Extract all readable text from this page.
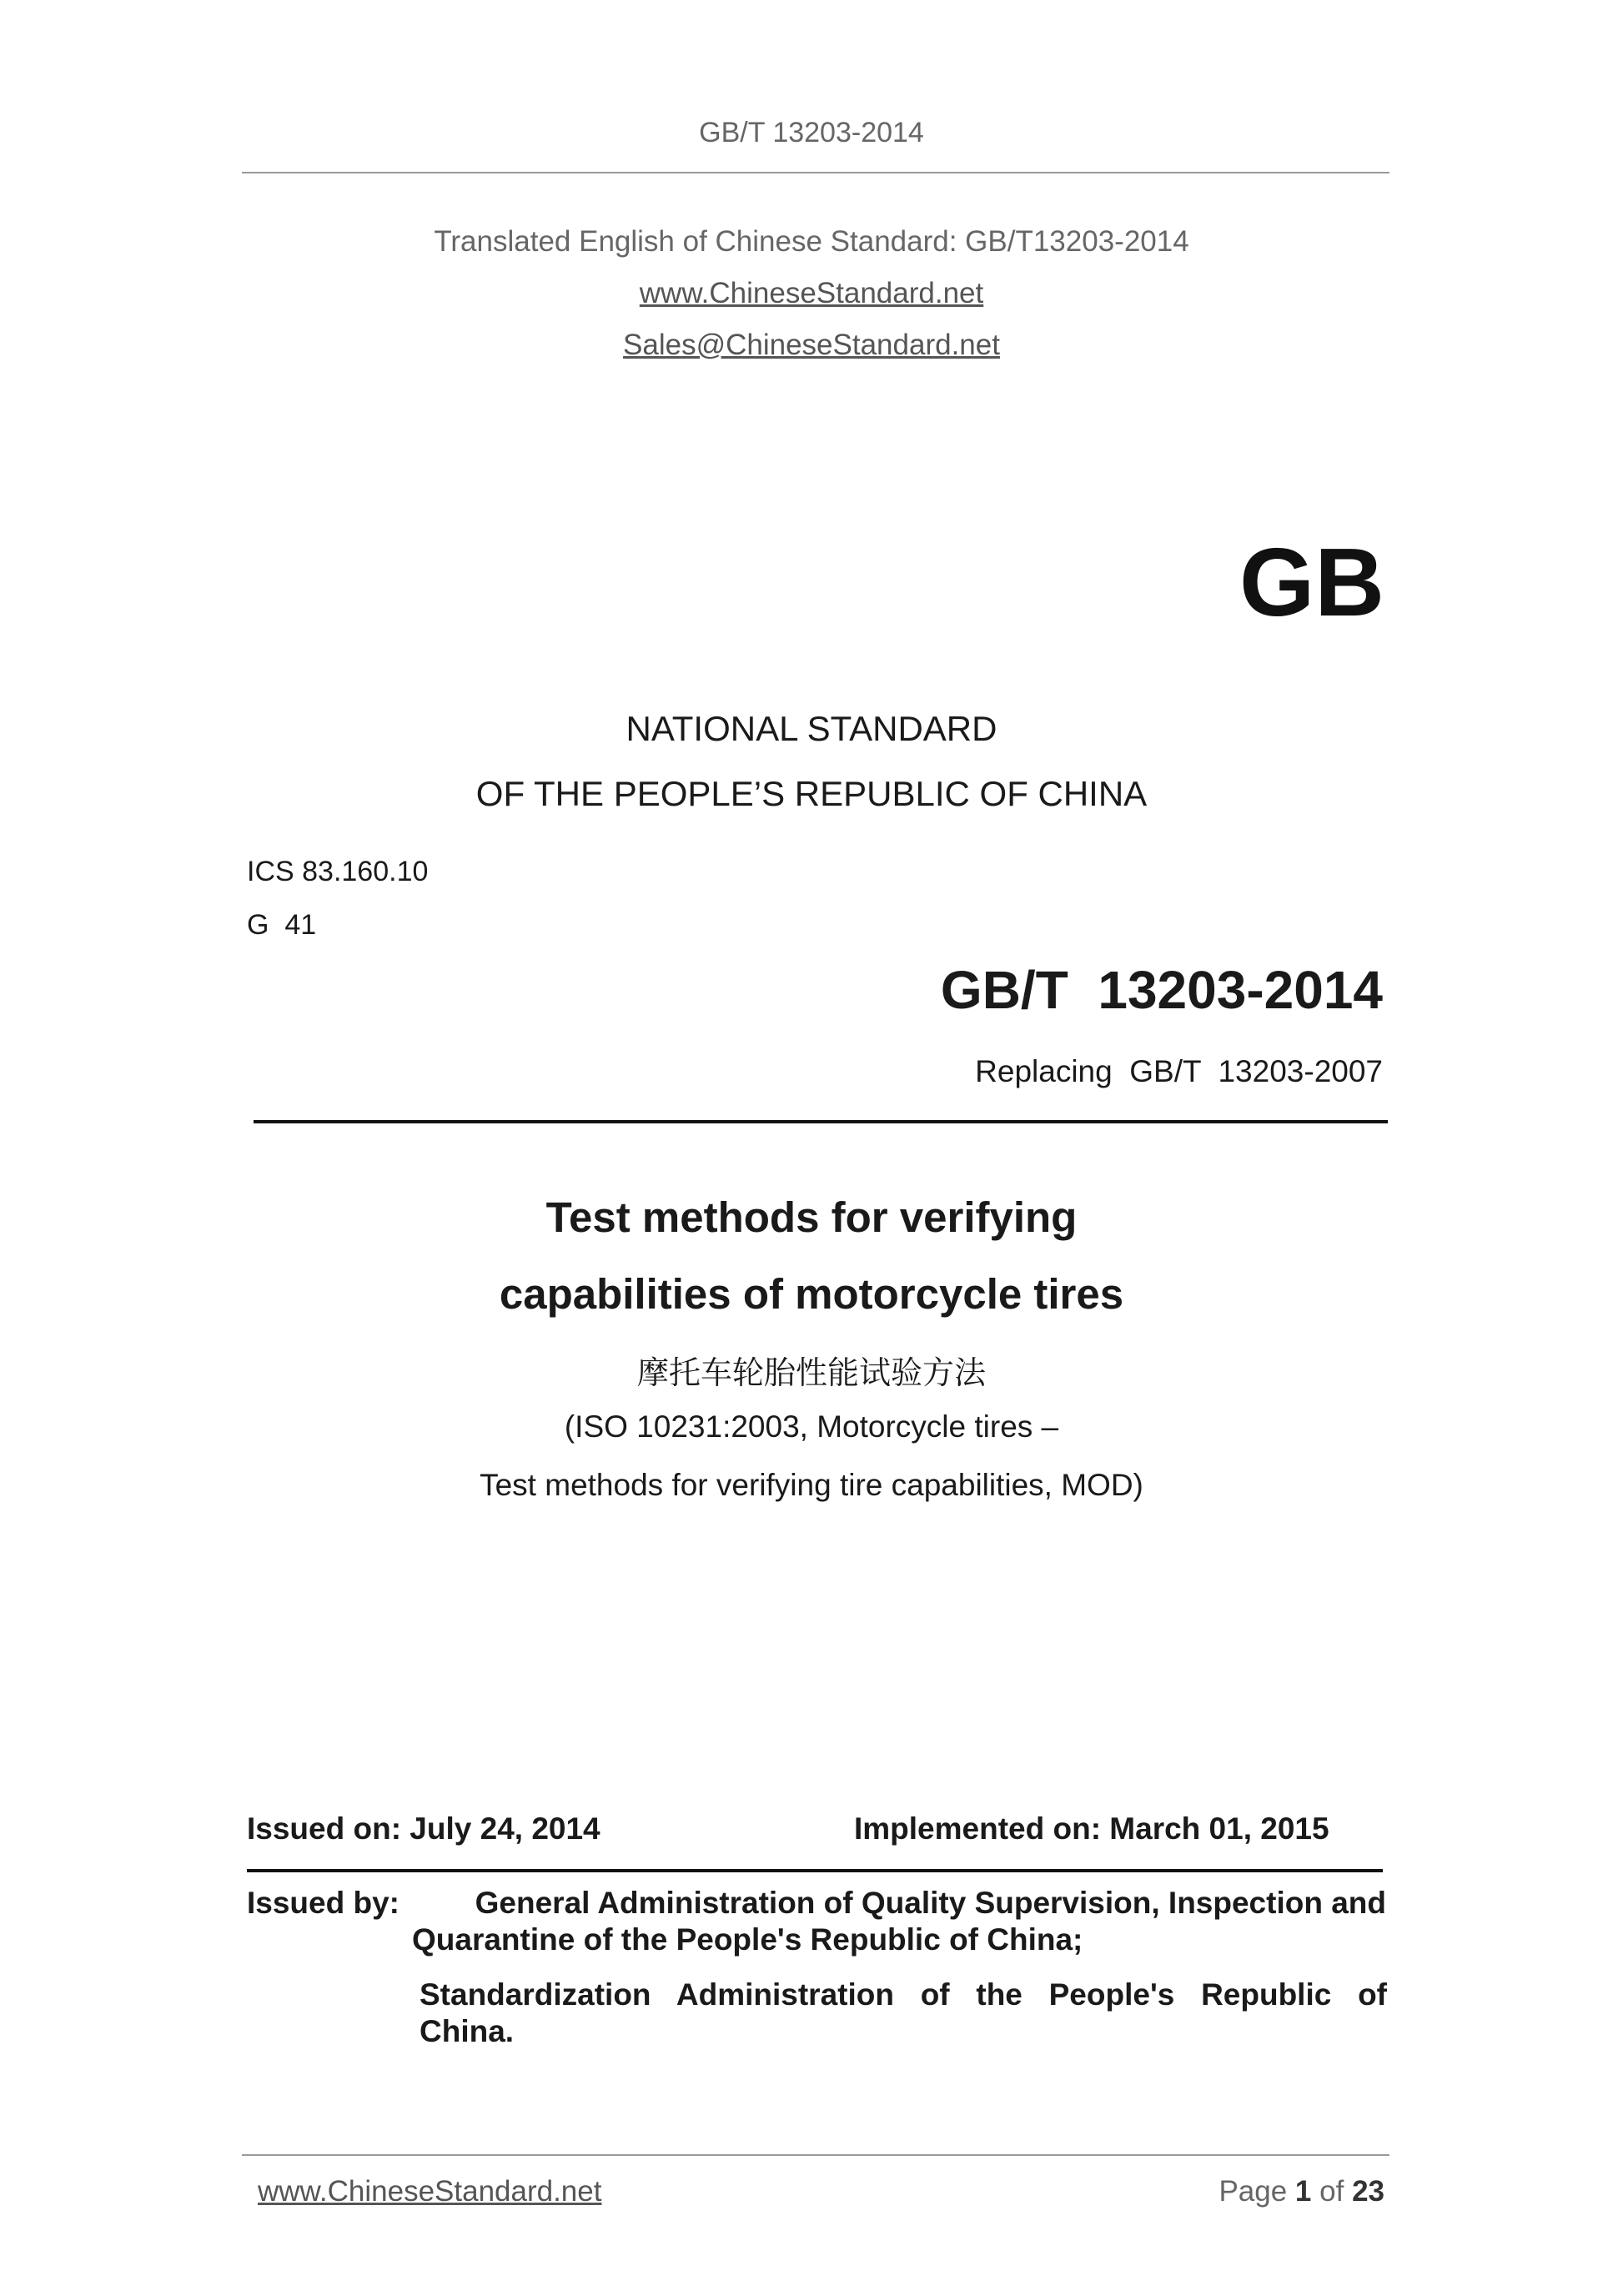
GB/T 13203-2014
Translated English of Chinese Standard: GB/T13203-2014
www.ChineseStandard.net
Sales@ChineseStandard.net
GB
NATIONAL STANDARD
OF THE PEOPLE’S REPUBLIC OF CHINA
ICS 83.160.10
G  41
GB/T  13203-2014
Replacing  GB/T  13203-2007
Test methods for verifying
capabilities of motorcycle tires
摩托车轮胎性能试验方法
(ISO 10231:2003, Motorcycle tires –
Test methods for verifying tire capabilities, MOD)
Issued on: July 24, 2014	Implemented on: March 01, 2015
Issued by:	General Administration of Quality Supervision, Inspection and
Quarantine of the People's Republic of China;
Standardization Administration of the People's Republic of China.
www.ChineseStandard.net	Page 1 of 23
